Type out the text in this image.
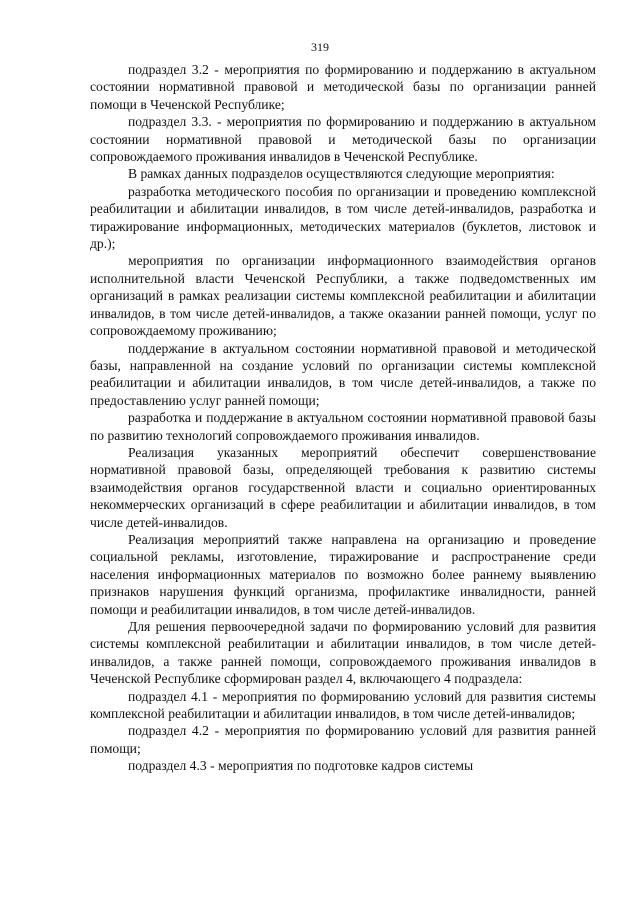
319

подраздел 3.2 - мероприятия по формированию и поддержанию в актуальном состоянии нормативной правовой и методической базы по организации ранней помощи в Чеченской Республике;

подраздел 3.3. - мероприятия по формированию и поддержанию в актуальном состоянии нормативной правовой и методической базы по организации сопровождаемого проживания инвалидов в Чеченской Республике.

В рамках данных подразделов осуществляются следующие мероприятия:

разработка методического пособия по организации и проведению комплексной реабилитации и абилитации инвалидов, в том числе детей-инвалидов, разработка и тиражирование информационных, методических материалов (буклетов, листовок и др.);

мероприятия по организации информационного взаимодействия органов исполнительной власти Чеченской Республики, а также подведомственных им организаций в рамках реализации системы комплексной реабилитации и абилитации инвалидов, в том числе детей-инвалидов, а также оказании ранней помощи, услуг по сопровождаемому проживанию;

поддержание в актуальном состоянии нормативной правовой и методической базы, направленной на создание условий по организации системы комплексной реабилитации и абилитации инвалидов, в том числе детей-инвалидов, а также по предоставлению услуг ранней помощи;

разработка и поддержание в актуальном состоянии нормативной правовой базы по развитию технологий сопровождаемого проживания инвалидов.

Реализация указанных мероприятий обеспечит совершенствование нормативной правовой базы, определяющей требования к развитию системы взаимодействия органов государственной власти и социально ориентированных некоммерческих организаций в сфере реабилитации и абилитации инвалидов, в том числе детей-инвалидов.

Реализация мероприятий также направлена на организацию и проведение социальной рекламы, изготовление, тиражирование и распространение среди населения информационных материалов по возможно более раннему выявлению признаков нарушения функций организма, профилактике инвалидности, ранней помощи и реабилитации инвалидов, в том числе детей-инвалидов.

Для решения первоочередной задачи по формированию условий для развития системы комплексной реабилитации и абилитации инвалидов, в том числе детей-инвалидов, а также ранней помощи, сопровождаемого проживания инвалидов в Чеченской Республике сформирован раздел 4, включающего 4 подраздела:

подраздел 4.1 - мероприятия по формированию условий для развития системы комплексной реабилитации и абилитации инвалидов, в том числе детей-инвалидов;

подраздел 4.2 - мероприятия по формированию условий для развития ранней помощи;

подраздел 4.3 - мероприятия по подготовке кадров системы
